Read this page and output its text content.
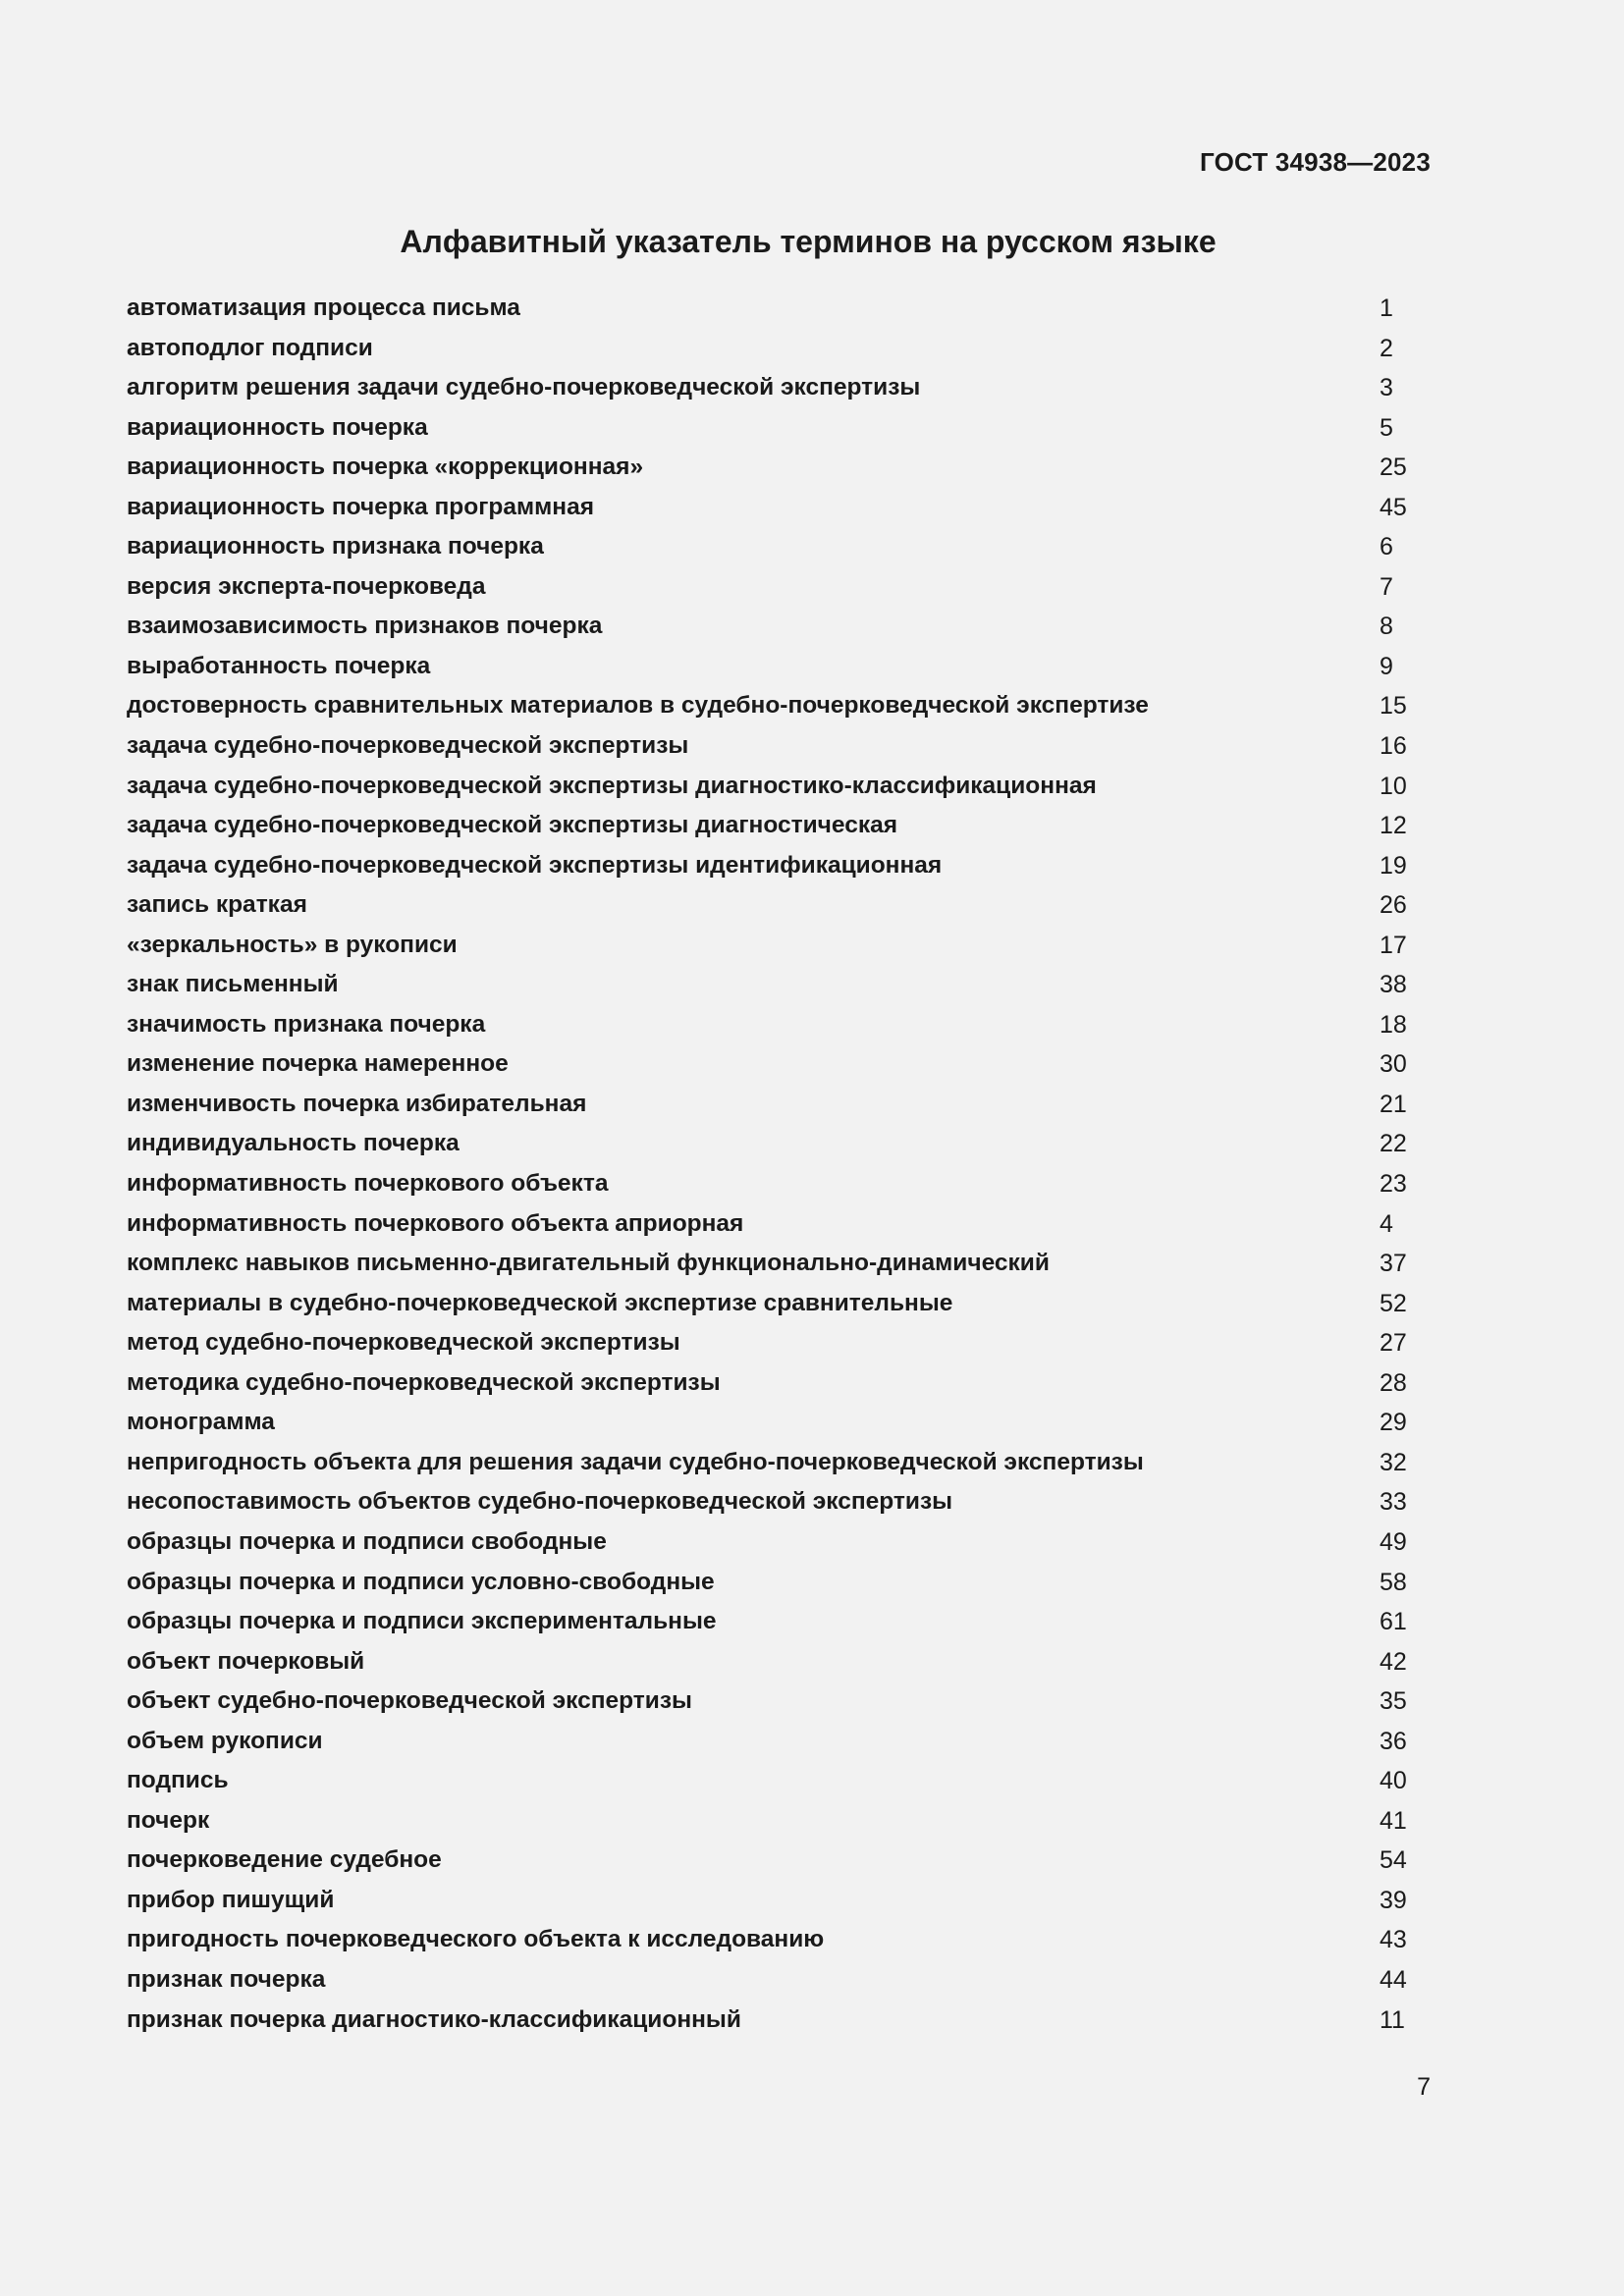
ГОСТ 34938—2023
Алфавитный указатель терминов на русском языке
автоматизация процесса письма	1
автоподлог подписи	2
алгоритм решения задачи судебно-почерковедческой экспертизы	3
вариационность почерка	5
вариационность почерка «коррекционная»	25
вариационность почерка программная	45
вариационность признака почерка	6
версия эксперта-почерковеда	7
взаимозависимость признаков почерка	8
выработанность почерка	9
достоверность сравнительных материалов в судебно-почерковедческой экспертизе	15
задача судебно-почерковедческой экспертизы	16
задача судебно-почерковедческой экспертизы диагностико-классификационная	10
задача судебно-почерковедческой экспертизы диагностическая	12
задача судебно-почерковедческой экспертизы идентификационная	19
запись краткая	26
«зеркальность» в рукописи	17
знак письменный	38
значимость признака почерка	18
изменение почерка намеренное	30
изменчивость почерка избирательная	21
индивидуальность почерка	22
информативность почеркового объекта	23
информативность почеркового объекта априорная	4
комплекс навыков письменно-двигательный функционально-динамический	37
материалы в судебно-почерковедческой экспертизе сравнительные	52
метод судебно-почерковедческой экспертизы	27
методика судебно-почерковедческой экспертизы	28
монограмма	29
непригодность объекта для решения задачи судебно-почерковедческой экспертизы	32
несопоставимость объектов судебно-почерковедческой экспертизы	33
образцы почерка и подписи свободные	49
образцы почерка и подписи условно-свободные	58
образцы почерка и подписи экспериментальные	61
объект почерковый	42
объект судебно-почерковедческой экспертизы	35
объем рукописи	36
подпись	40
почерк	41
почерковедение судебное	54
прибор пишущий	39
пригодность почерковедческого объекта к исследованию	43
признак почерка	44
признак почерка диагностико-классификационный	11
7
